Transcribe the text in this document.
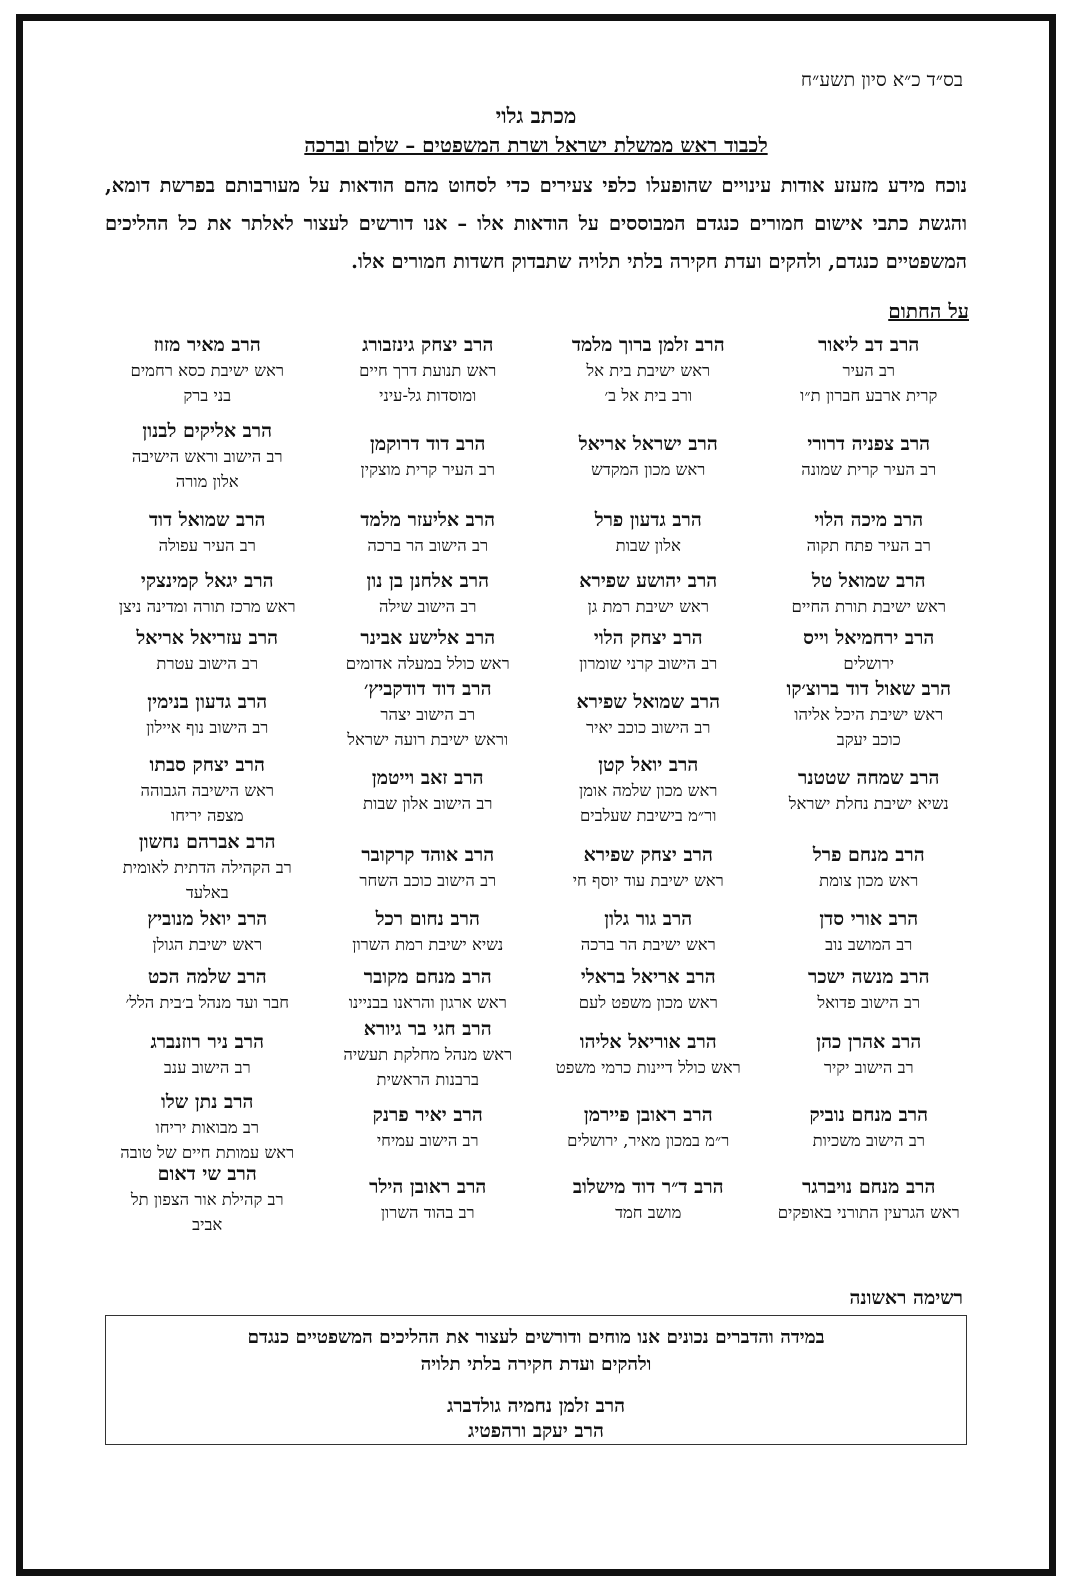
בס״ד כ״א סיון תשע״ח
מכתב גלוי
לכבוד ראש ממשלת ישראל ושרת המשפטים – שלום וברכה
נוכח מידע מזעזע אודות עינויים שהופעלו כלפי צעירים כדי לסחוט מהם הודאות על מעורבותם בפרשת דומא, והגשת כתבי אישום חמורים כנגדם המבוססים על הודאות אלו – אנו דורשים לעצור לאלתר את כל ההליכים המשפטיים כנגדם, ולהקים ועדת חקירה בלתי תלויה שתבדוק חשדות חמורים אלו.
על החתום
הרב דב ליאור
רב העיר
קרית ארבע חברון ת״ו
הרב זלמן ברוך מלמד
ראש ישיבת בית אל
ורב בית אל ב׳
הרב יצחק גינזבורג
ראש תנועת דרך חיים
ומוסדות גל-עיני
הרב מאיר מזוז
ראש ישיבת כסא רחמים
בני ברק
הרב צפניה דרורי
רב העיר קרית שמונה
הרב ישראל אריאל
ראש מכון המקדש
הרב דוד דרוקמן
רב העיר קרית מוצקין
הרב אליקים לבנון
רב הישוב וראש הישיבה
אלון מורה
הרב מיכה הלוי
רב העיר פתח תקוה
הרב גדעון פרל
אלון שבות
הרב אליעזר מלמד
רב הישוב הר ברכה
הרב שמואל דוד
רב העיר עפולה
הרב שמואל טל
ראש ישיבת תורת החיים
הרב יהושע שפירא
ראש ישיבת רמת גן
הרב אלחנן בן נון
רב הישוב שילה
הרב יגאל קמינצקי
ראש מרכז תורה ומדינה ניצן
הרב ירחמיאל וייס
ירושלים
הרב יצחק הלוי
רב הישוב קרני שומרון
הרב אלישע אבינר
ראש כולל במעלה אדומים
הרב עזריאל אריאל
רב הישוב עטרת
הרב שאול דוד ברוצ׳קו
ראש ישיבת היכל אליהו
כוכב יעקב
הרב שמואל שפירא
רב הישוב כוכב יאיר
הרב דוד דודקביץ׳
רב הישוב יצהר
וראש ישיבת רועה ישראל
הרב גדעון בנימין
רב הישוב נוף איילון
הרב שמחה שטטנר
נשיא ישיבת נחלת ישראל
הרב יואל קטן
ראש מכון שלמה אומן
ור״מ בישיבת שעלבים
הרב זאב וייטמן
רב הישוב אלון שבות
הרב יצחק סבתו
ראש הישיבה הגבוהה
מצפה יריחו
הרב מנחם פרל
ראש מכון צומת
הרב יצחק שפירא
ראש ישיבת עוד יוסף חי
הרב אוהד קרקובר
רב הישוב כוכב השחר
הרב אברהם נחשון
רב הקהילה הדתית לאומית
באלעד
הרב אורי סדן
רב המושב נוב
הרב גור גלון
ראש ישיבת הר ברכה
הרב נחום רכל
נשיא ישיבת רמת השרון
הרב יואל מנוביץ
ראש ישיבת הגולן
הרב מנשה ישכר
רב הישוב פדואל
הרב אריאל בראלי
ראש מכון משפט לעם
הרב מנחם מקובר
ראש ארגון והראנו בבניינו
הרב שלמה הכט
חבר ועד מנהל ב׳בית הלל׳
הרב אהרן כהן
רב הישוב יקיר
הרב אוריאל אליהו
ראש כולל דיינות כרמי משפט
הרב חגי בר גיורא
ראש מנהל מחלקת תעשיה
ברבנות הראשית
הרב ניר רוזנברג
רב הישוב ענב
הרב מנחם נוביק
רב הישוב משכיות
הרב ראובן פיירמן
ר״מ במכון מאיר, ירושלים
הרב יאיר פרנק
רב הישוב עמיחי
הרב נתן שלו
רב מבואות יריחו
ראש עמותת חיים של טובה
הרב מנחם נויברגר
ראש הגרעין התורני באופקים
הרב ד״ר דוד מישלוב
מושב חמד
הרב ראובן הילר
רב בהוד השרון
הרב שי דאום
רב קהילת אור הצפון תל
אביב
רשימה ראשונה
במידה והדברים נכונים אנו מוחים ודורשים לעצור את ההליכים המשפטיים כנגדם
ולהקים ועדת חקירה בלתי תלויה
הרב זלמן נחמיה גולדברג
הרב יעקב ורהפטיג
